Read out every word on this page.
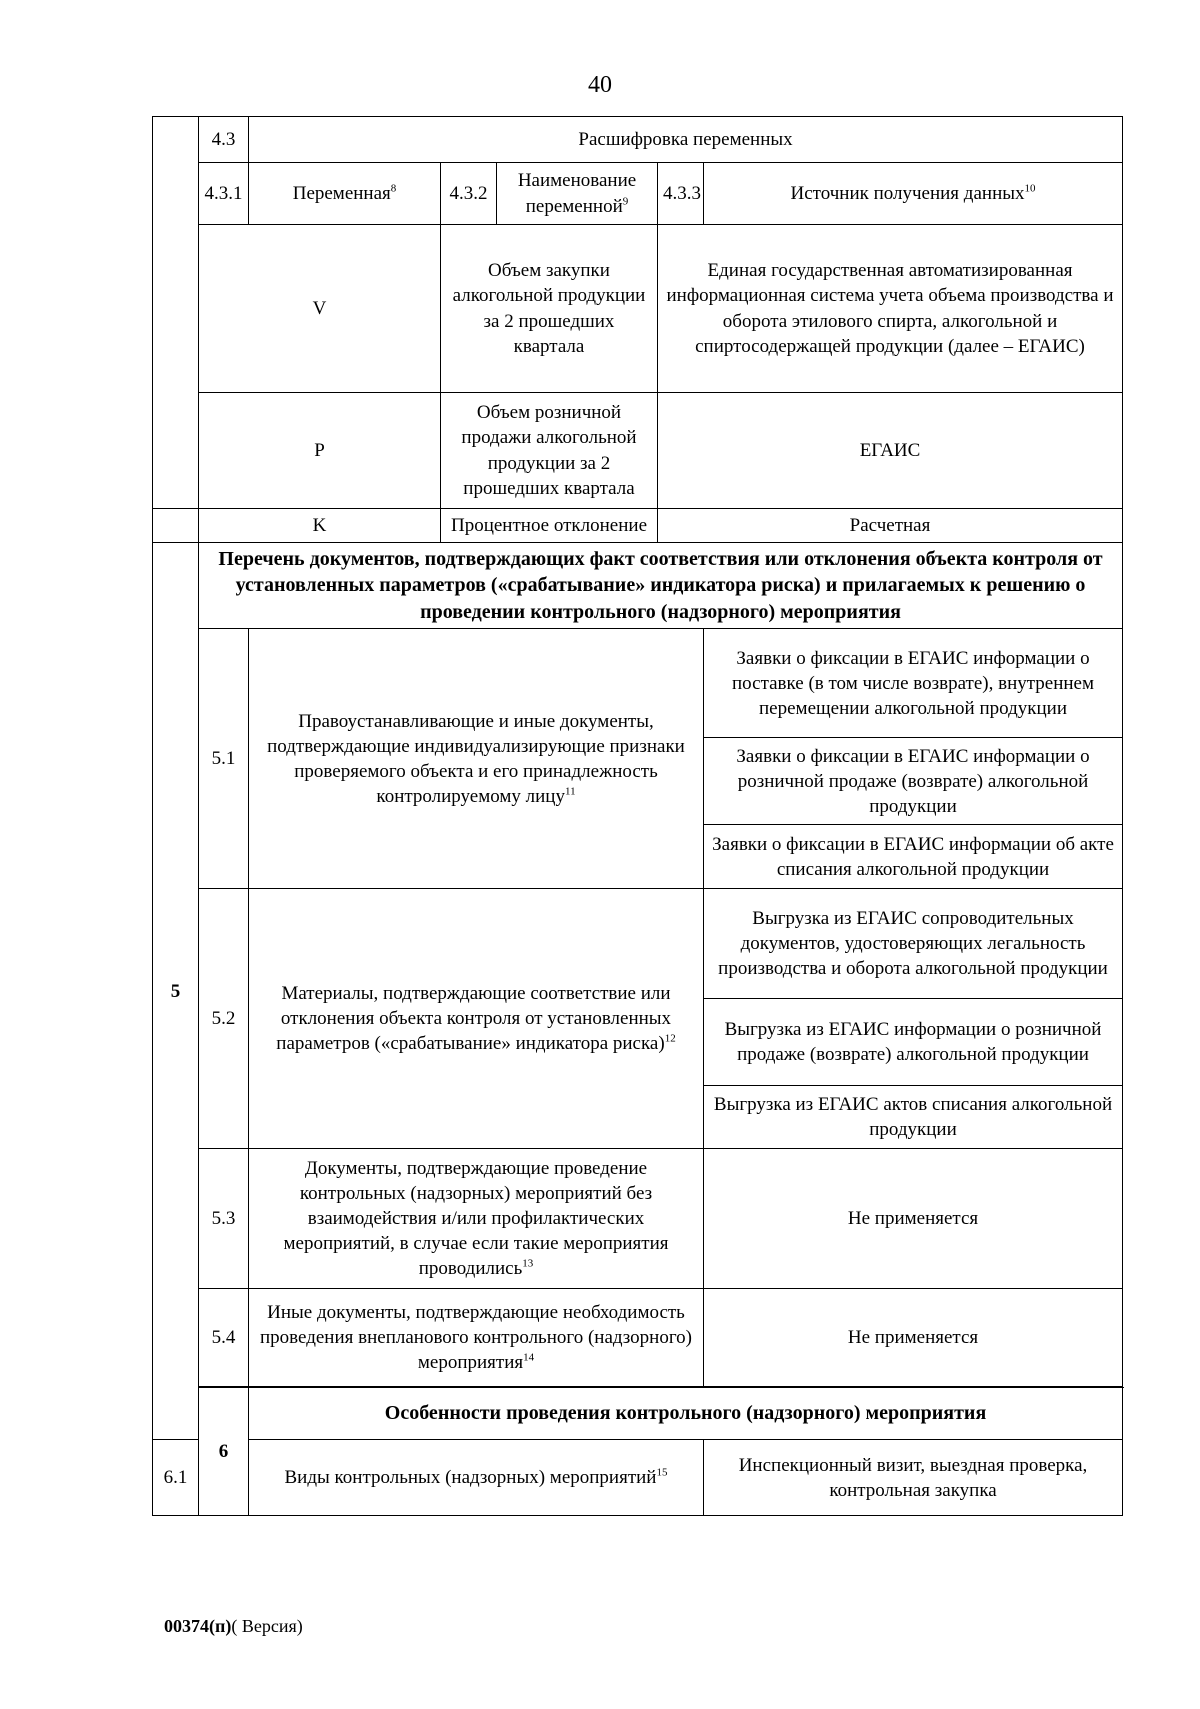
40
	4.3	Расшифровка переменных				
	4.3.1	Переменная$^8$	4.3.2	Наименование переменной$^9$	4.3.3	Источник получения данных$^{10}$
	V		Объем закупки алкогольной продукции за 2 прошедших квартала		Единая государственная автоматизированная информационная система учета объема производства и оборота этилового спирта, алкогольной и спиртосодержащей продукции (далее – ЕГАИС)	
	P		Объем розничной продажи алкогольной продукции за 2 прошедших квартала		ЕГАИС	
	K		Процентное отклонение		Расчетная	
5	Перечень документов, подтверждающих факт соответствия или отклонения объекта контроля от установленных параметров («срабатывание» индикатора риска) и прилагаемых к решению о проведении контрольного (надзорного) мероприятия					
	5.1	Правоустанавливающие и иные документы, подтверждающие индивидуализирующие признаки проверяемого объекта и его принадлежность контролируемому лицу$^{11}$				Заявки о фиксации в ЕГАИС информации о поставке (в том числе возврате), внутреннем перемещении алкогольной продукции
						Заявки о фиксации в ЕГАИС информации о розничной продаже (возврате) алкогольной продукции
						Заявки о фиксации в ЕГАИС информации об акте списания алкогольной продукции
	5.2	Материалы, подтверждающие соответствие или отклонения объекта контроля от установленных параметров («срабатывание» индикатора риска)$^{12}$				Выгрузка из ЕГАИС сопроводительных документов, удостоверяющих легальность производства и оборота алкогольной продукции
						Выгрузка из ЕГАИС информации о розничной продаже (возврате) алкогольной продукции
						Выгрузка из ЕГАИС актов списания алкогольной продукции
	5.3	Документы, подтверждающие проведение контрольных (надзорных) мероприятий без взаимодействия и/или профилактических мероприятий, в случае если такие мероприятия проводились$^{13}$				Не применяется
	5.4	Иные документы, подтверждающие необходимость проведения внепланового контрольного (надзорного) мероприятия$^{14}$				Не применяется

	6	Особенности проведения контрольного (надзорного) мероприятия				
6.1		Виды контрольных (надзорных) мероприятий$^{15}$				Инспекционный визит, выездная проверка, контрольная закупка
00374(п)( Версия)
